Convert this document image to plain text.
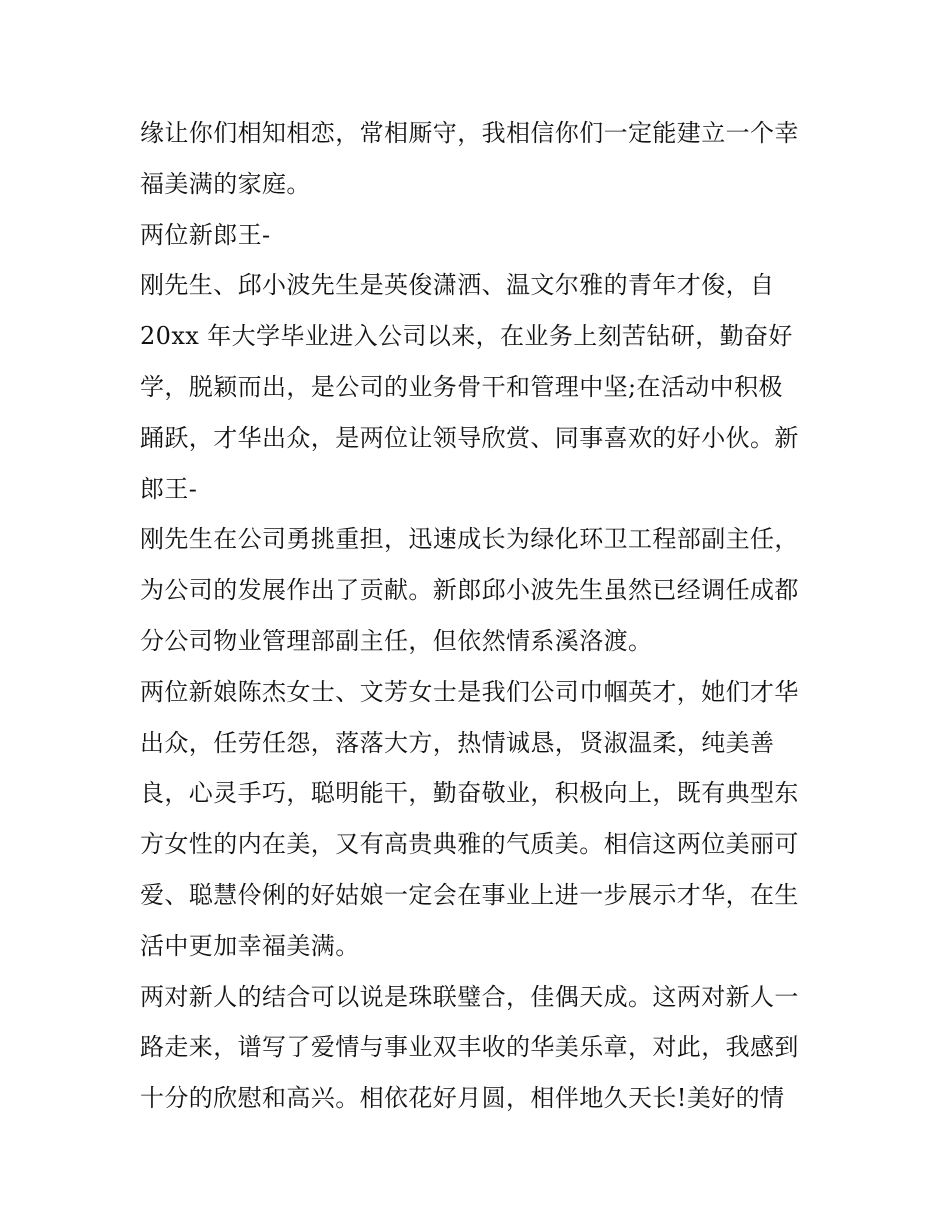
缘让你们相知相恋，常相厮守，我相信你们一定能建立一个幸
福美满的家庭。
两位新郎王-
刚先生、邱小波先生是英俊潇洒、温文尔雅的青年才俊，自
20xx 年大学毕业进入公司以来，在业务上刻苦钻研，勤奋好
学，脱颖而出，是公司的业务骨干和管理中坚;在活动中积极
踊跃，才华出众，是两位让领导欣赏、同事喜欢的好小伙。新
郎王-
刚先生在公司勇挑重担，迅速成长为绿化环卫工程部副主任，
为公司的发展作出了贡献。新郎邱小波先生虽然已经调任成都
分公司物业管理部副主任，但依然情系溪洛渡。
两位新娘陈杰女士、文芳女士是我们公司巾帼英才，她们才华
出众，任劳任怨，落落大方，热情诚恳，贤淑温柔，纯美善
良，心灵手巧，聪明能干，勤奋敬业，积极向上，既有典型东
方女性的内在美，又有高贵典雅的气质美。相信这两位美丽可
爱、聪慧伶俐的好姑娘一定会在事业上进一步展示才华，在生
活中更加幸福美满。
两对新人的结合可以说是珠联璧合，佳偶天成。这两对新人一
路走来，谱写了爱情与事业双丰收的华美乐章，对此，我感到
十分的欣慰和高兴。相依花好月圆，相伴地久天长!美好的情
